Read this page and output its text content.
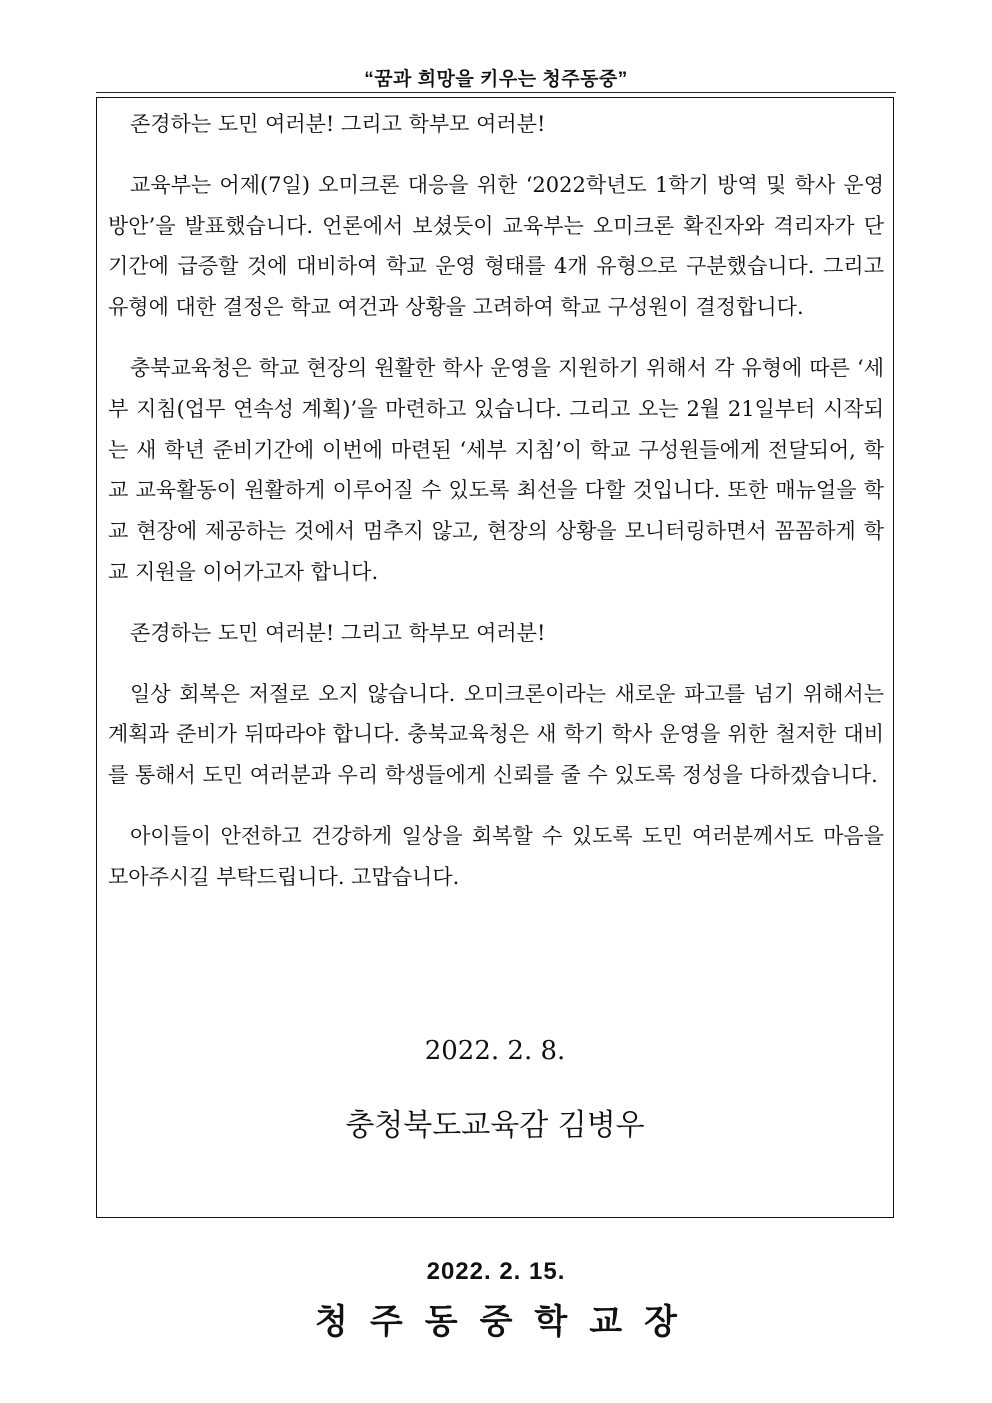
“꿈과 희망을 키우는 청주동중”

존경하는 도민 여러분! 그리고 학부모 여러분!

교육부는 어제(7일) 오미크론 대응을 위한 ‘2022학년도 1학기 방역 및 학사 운영 방안’을 발표했습니다. 언론에서 보셨듯이 교육부는 오미크론 확진자와 격리자가 단기간에 급증할 것에 대비하여 학교 운영 형태를 4개 유형으로 구분했습니다. 그리고 유형에 대한 결정은 학교 여건과 상황을 고려하여 학교 구성원이 결정합니다.

충북교육청은 학교 현장의 원활한 학사 운영을 지원하기 위해서 각 유형에 따른 ‘세부 지침(업무 연속성 계획)’을 마련하고 있습니다. 그리고 오는 2월 21일부터 시작되는 새 학년 준비기간에 이번에 마련된 ‘세부 지침’이 학교 구성원들에게 전달되어, 학교 교육활동이 원활하게 이루어질 수 있도록 최선을 다할 것입니다. 또한 매뉴얼을 학교 현장에 제공하는 것에서 멈추지 않고, 현장의 상황을 모니터링하면서 꼼꼼하게 학교 지원을 이어가고자 합니다.

존경하는 도민 여러분! 그리고 학부모 여러분!

일상 회복은 저절로 오지 않습니다. 오미크론이라는 새로운 파고를 넘기 위해서는 계획과 준비가 뒤따라야 합니다. 충북교육청은 새 학기 학사 운영을 위한 철저한 대비를 통해서 도민 여러분과 우리 학생들에게 신뢰를 줄 수 있도록 정성을 다하겠습니다.

아이들이 안전하고 건강하게 일상을 회복할 수 있도록 도민 여러분께서도 마음을 모아주시길 부탁드립니다. 고맙습니다.

2022. 2. 8.
충청북도교육감 김병우
2022. 2. 15.
청주동중학교장
